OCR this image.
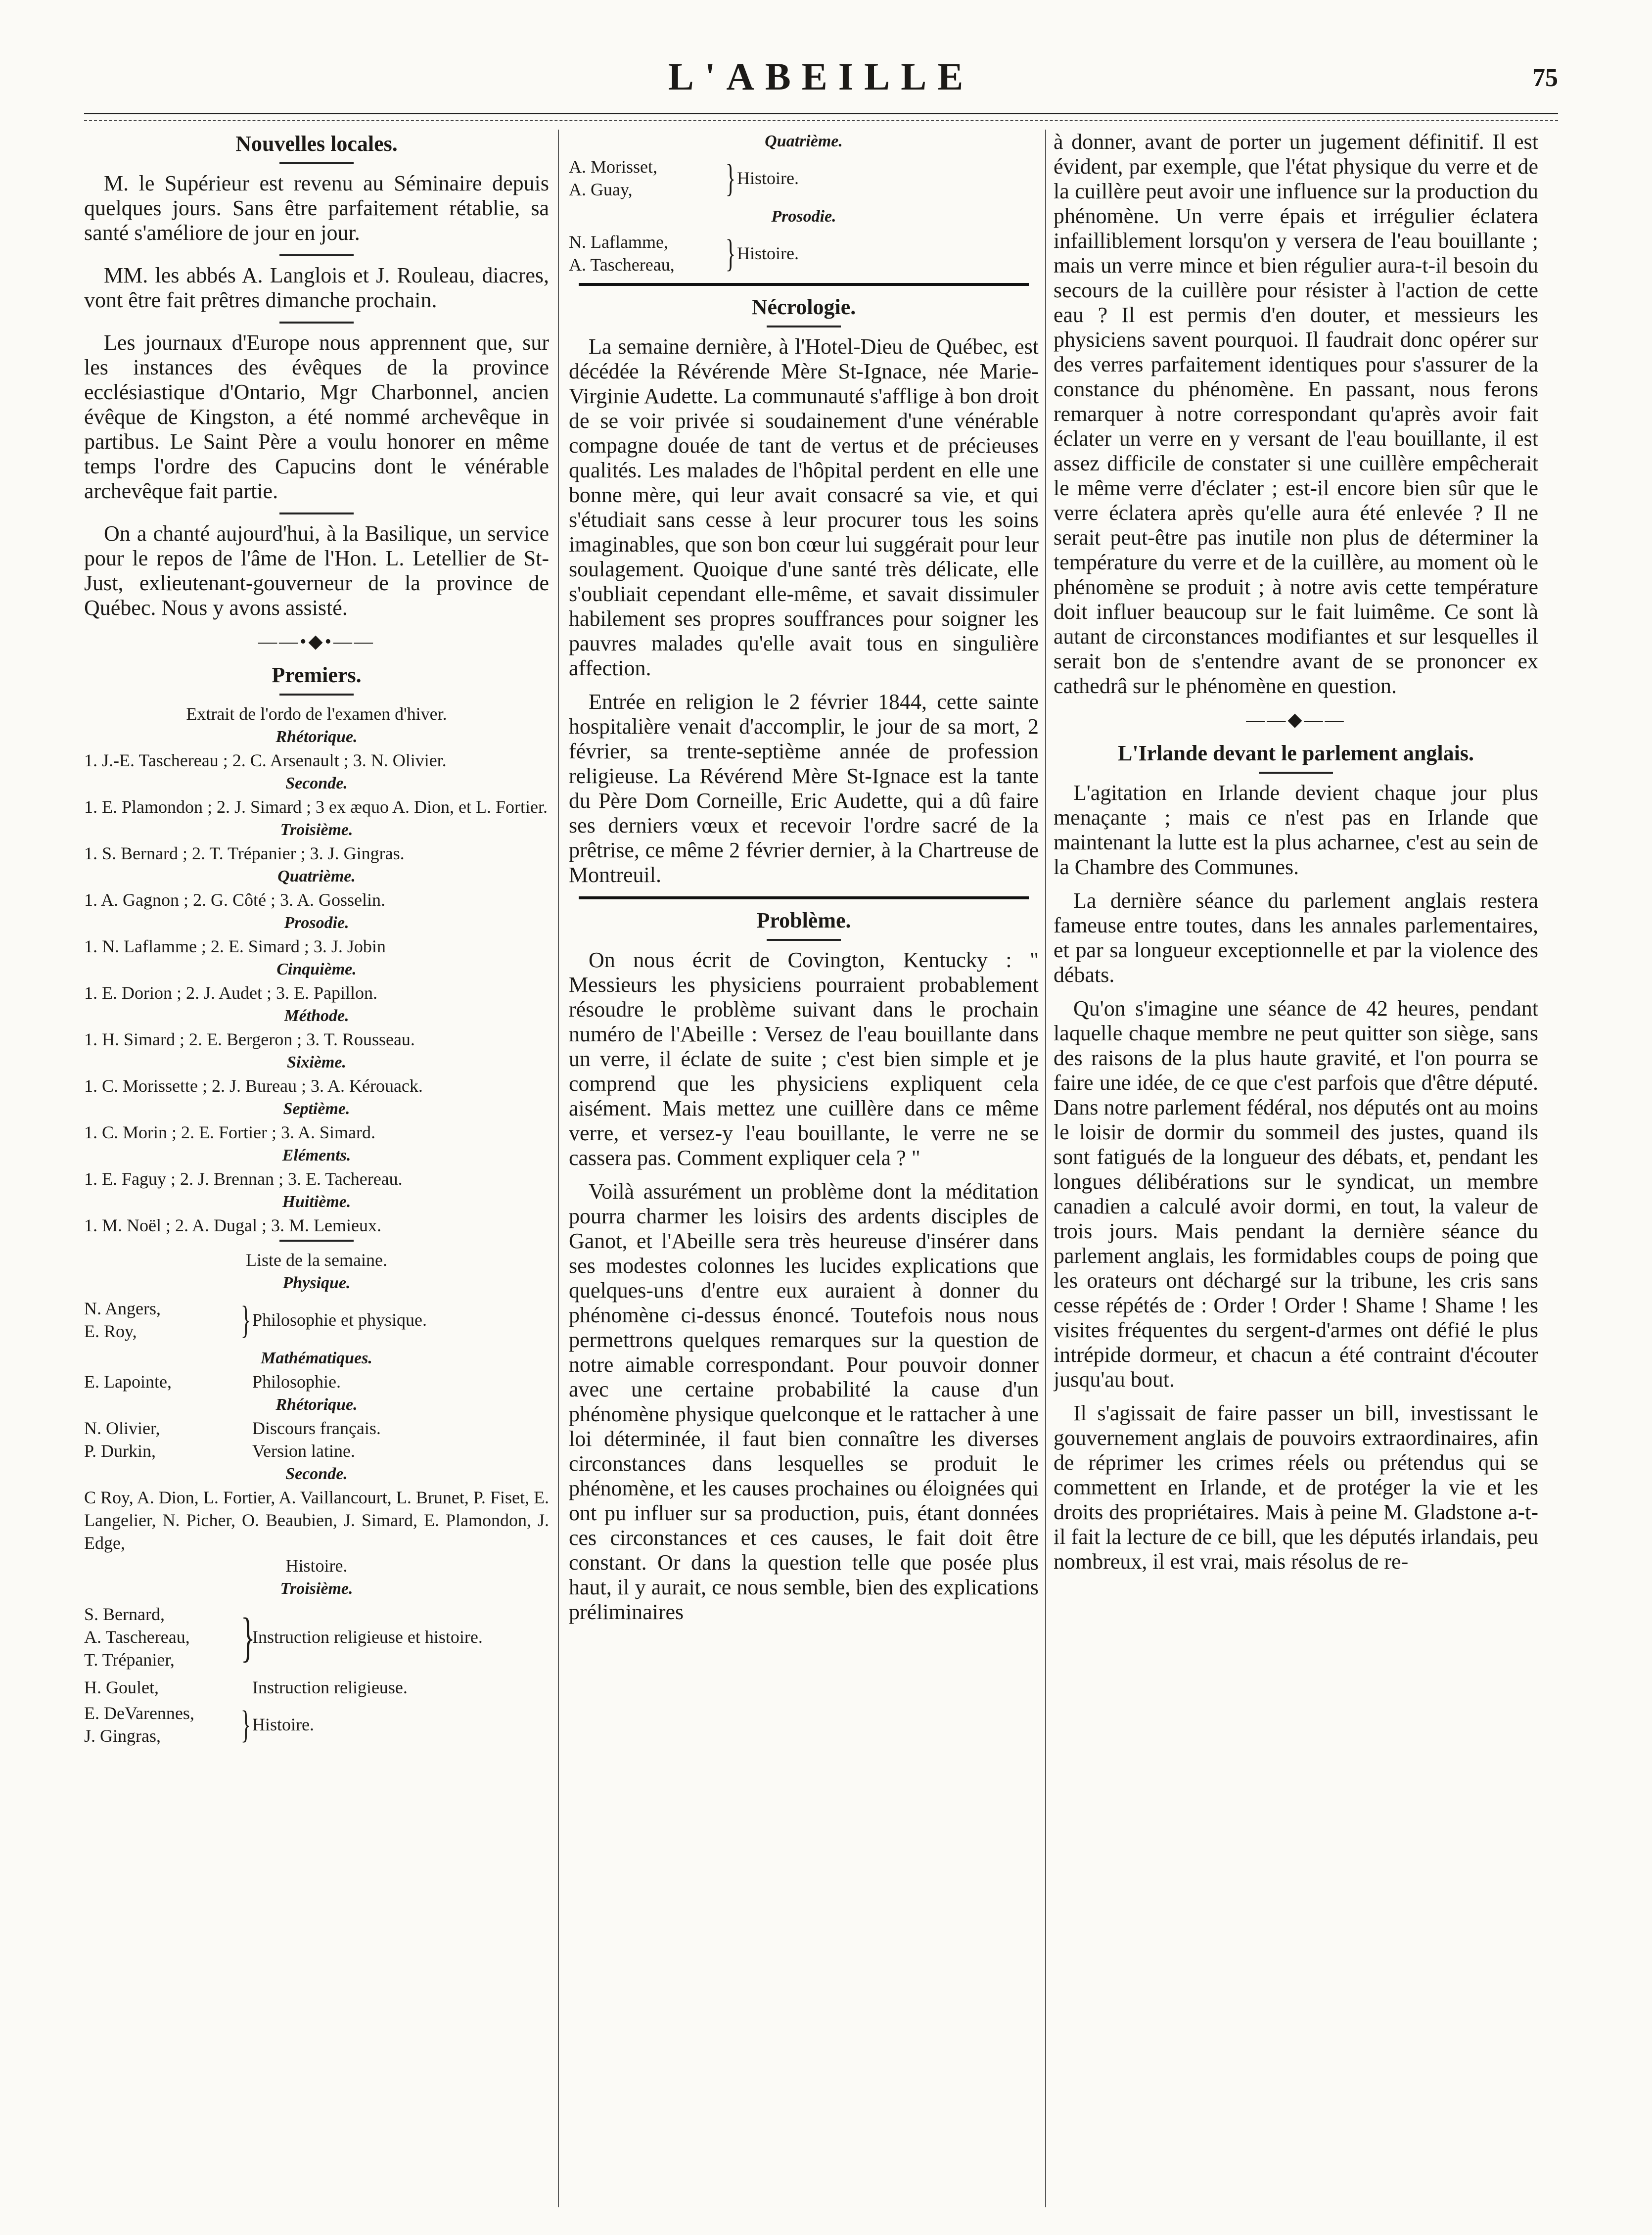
L'ABEILLE	75
Nouvelles locales.

M. le Supérieur est revenu au Séminaire depuis quelques jours. Sans être parfaitement rétablie, sa santé s'améliore de jour en jour.

MM. les abbés A. Langlois et J. Rouleau, diacres, vont être fait prêtres dimanche prochain.

Les journaux d'Europe nous apprennent que, sur les instances des évêques de la province ecclésiastique d'Ontario, Mgr Charbonnel, ancien évêque de Kingston, a été nommé archevêque in partibus. Le Saint Père a voulu honorer en même temps l'ordre des Capucins dont le vénérable archevêque fait partie.

On a chanté aujourd'hui, à la Basilique, un service pour le repos de l'âme de l'Hon. L. Letellier de St-Just, exlieutenant-gouverneur de la province de Québec. Nous y avons assisté.

——•◆•——
Premiers.
Extrait de l'ordo de l'examen d'hiver.
Rhétorique.
1. J.-E. Taschereau ; 2. C. Arsenault ; 3. N. Olivier.
Seconde.
1. E. Plamondon ; 2. J. Simard ; 3 ex æquo A. Dion, et L. Fortier.
Troisième.
1. S. Bernard ; 2. T. Trépanier ; 3. J. Gingras.
Quatrième.
1. A. Gagnon ; 2. G. Côté ; 3. A. Gosselin.
Prosodie.
1. N. Laflamme ; 2. E. Simard ; 3. J. Jobin
Cinquième.
1. E. Dorion ; 2. J. Audet ; 3. E. Papillon.
Méthode.
1. H. Simard ; 2. E. Bergeron ; 3. T. Rousseau.
Sixième.
1. C. Morissette ; 2. J. Bureau ; 3. A. Kérouack.
Septième.
1. C. Morin ; 2. E. Fortier ; 3. A. Simard.
Eléments.
1. E. Faguy ; 2. J. Brennan ; 3. E. Tachereau.
Huitième.
1. M. Noël ; 2. A. Dugal ; 3. M. Lemieux.
Liste de la semaine.
Physique.
N. Angers,
E. Roy,	} Philosophie et physique.
Mathématiques.
E. Lapointe,	Philosophie.
Rhétorique.
N. Olivier,	Discours français.
P. Durkin,	Version latine.
Seconde.
C Roy, A. Dion, L. Fortier, A. Vaillancourt, L. Brunet, P. Fiset, E. Langelier, N. Picher, O. Beaubien, J. Simard, E. Plamondon, J. Edge,
Histoire.
Troisième.
S. Bernard,
A. Taschereau,
T. Trépanier,	}
Instruction religieuse et histoire.
H. Goulet,	Instruction religieuse.
E. DeVarennes,
J. Gingras,	} Histoire.
Quatrième.
A. Morisset,
A. Guay,	} Histoire.
Prosodie.
N. Laflamme,
A. Taschereau,	} Histoire.
Nécrologie.

La semaine dernière, à l'Hotel-Dieu de Québec, est décédée la Révérende Mère St-Ignace, née Marie-Virginie Audette. La communauté s'afflige à bon droit de se voir privée si soudainement d'une vénérable compagne douée de tant de vertus et de précieuses qualités. Les malades de l'hôpital perdent en elle une bonne mère, qui leur avait consacré sa vie, et qui s'étudiait sans cesse à leur procurer tous les soins imaginables, que son bon cœur lui suggérait pour leur soulagement. Quoique d'une santé très délicate, elle s'oubliait cependant elle-même, et savait dissimuler habilement ses propres souffrances pour soigner les pauvres malades qu'elle avait tous en singulière affection.

Entrée en religion le 2 février 1844, cette sainte hospitalière venait d'accomplir, le jour de sa mort, 2 février, sa trente-septième année de profession religieuse. La Révérend Mère St-Ignace est la tante du Père Dom Corneille, Eric Audette, qui a dû faire ses derniers vœux et recevoir l'ordre sacré de la prêtrise, ce même 2 février dernier, à la Chartreuse de Montreuil.

Problème.

On nous écrit de Covington, Kentucky : " Messieurs les physiciens pourraient probablement résoudre le problème suivant dans le prochain numéro de l'Abeille : Versez de l'eau bouillante dans un verre, il éclate de suite ; c'est bien simple et je comprend que les physiciens expliquent cela aisément. Mais mettez une cuillère dans ce même verre, et versez-y l'eau bouillante, le verre ne se cassera pas. Comment expliquer cela ? "

Voilà assurément un problème dont la méditation pourra charmer les loisirs des ardents disciples de Ganot, et l'Abeille sera très heureuse d'insérer dans ses modestes colonnes les lucides explications que quelques-uns d'entre eux auraient à donner du phénomène ci-dessus énoncé. Toutefois nous nous permettrons quelques remarques sur la question de notre aimable correspondant. Pour pouvoir donner avec une certaine probabilité la cause d'un phénomène physique quelconque et le rattacher à une loi déterminée, il faut bien connaître les diverses circonstances dans lesquelles se produit le phénomène, et les causes prochaines ou éloignées qui ont pu influer sur sa production, puis, étant données ces circonstances et ces causes, le fait doit être constant. Or dans la question telle que posée plus haut, il y aurait, ce nous semble, bien des explications préliminaires

à donner, avant de porter un jugement définitif. Il est évident, par exemple, que l'état physique du verre et de la cuillère peut avoir une influence sur la production du phénomène. Un verre épais et irrégulier éclatera infailliblement lorsqu'on y versera de l'eau bouillante ; mais un verre mince et bien régulier aura-t-il besoin du secours de la cuillère pour résister à l'action de cette eau ? Il est permis d'en douter, et messieurs les physiciens savent pourquoi. Il faudrait donc opérer sur des verres parfaitement identiques pour s'assurer de la constance du phénomène. En passant, nous ferons remarquer à notre correspondant qu'après avoir fait éclater un verre en y versant de l'eau bouillante, il est assez difficile de constater si une cuillère empêcherait le même verre d'éclater ; est-il encore bien sûr que le verre éclatera après qu'elle aura été enlevée ? Il ne serait peut-être pas inutile non plus de déterminer la température du verre et de la cuillère, au moment où le phénomène se produit ; à notre avis cette température doit influer beaucoup sur le fait luimême. Ce sont là autant de circonstances modifiantes et sur lesquelles il serait bon de s'entendre avant de se prononcer ex cathedrâ sur le phénomène en question.

——◆——
L'Irlande devant le parlement anglais.

L'agitation en Irlande devient chaque jour plus menaçante ; mais ce n'est pas en Irlande que maintenant la lutte est la plus acharnee, c'est au sein de la Chambre des Communes.

La dernière séance du parlement anglais restera fameuse entre toutes, dans les annales parlementaires, et par sa longueur exceptionnelle et par la violence des débats.

Qu'on s'imagine une séance de 42 heures, pendant laquelle chaque membre ne peut quitter son siège, sans des raisons de la plus haute gravité, et l'on pourra se faire une idée, de ce que c'est parfois que d'être député. Dans notre parlement fédéral, nos députés ont au moins le loisir de dormir du sommeil des justes, quand ils sont fatigués de la longueur des débats, et, pendant les longues délibérations sur le syndicat, un membre canadien a calculé avoir dormi, en tout, la valeur de trois jours. Mais pendant la dernière séance du parlement anglais, les formidables coups de poing que les orateurs ont déchargé sur la tribune, les cris sans cesse répétés de : Order ! Order ! Shame ! Shame ! les visites fréquentes du sergent-d'armes ont défié le plus intrépide dormeur, et chacun a été contraint d'écouter jusqu'au bout.

Il s'agissait de faire passer un bill, investissant le gouvernement anglais de pouvoirs extraordinaires, afin de réprimer les crimes réels ou prétendus qui se commettent en Irlande, et de protéger la vie et les droits des propriétaires. Mais à peine M. Gladstone a-t-il fait la lecture de ce bill, que les députés irlandais, peu nombreux, il est vrai, mais résolus de re-
